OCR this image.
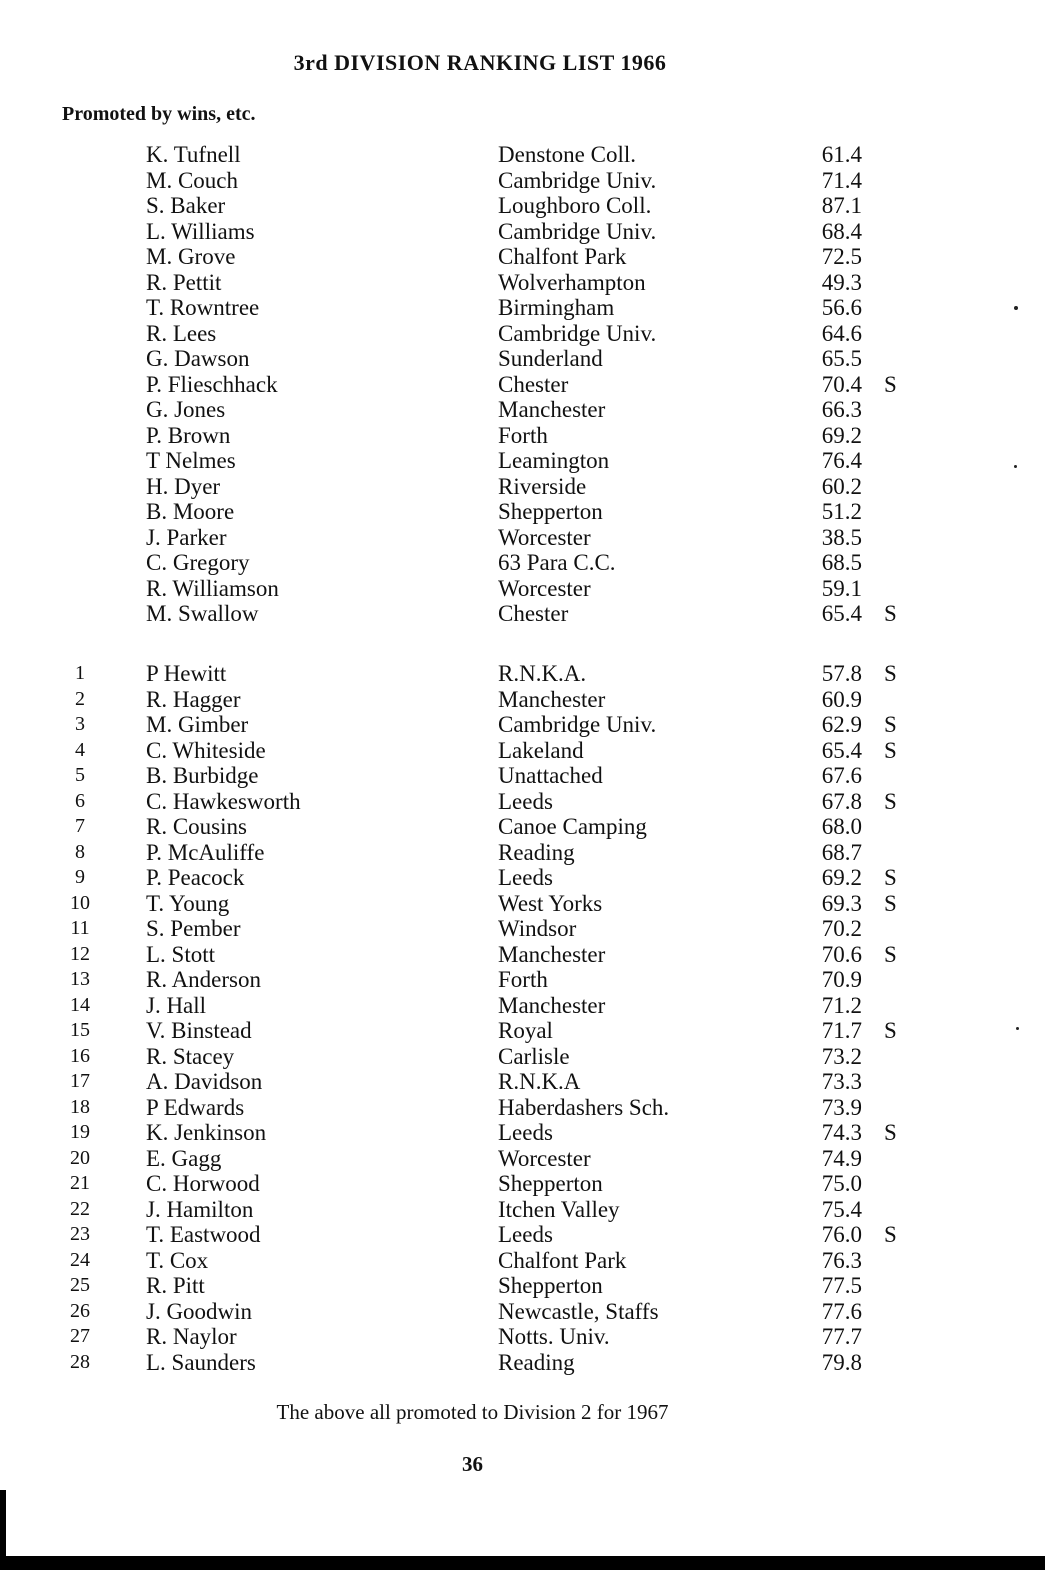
3rd DIVISION RANKING LIST 1966
Promoted by wins, etc.
K. Tufnell	Denstone Coll.	61.4
M. Couch	Cambridge Univ.	71.4
S. Baker	Loughboro Coll.	87.1
L. Williams	Cambridge Univ.	68.4
M. Grove	Chalfont Park	72.5
R. Pettit	Wolverhampton	49.3
T. Rowntree	Birmingham	56.6
R. Lees	Cambridge Univ.	64.6
G. Dawson	Sunderland	65.5
P. Flieschhack	Chester	70.4 S
G. Jones	Manchester	66.3
P. Brown	Forth	69.2
T Nelmes	Leamington	76.4
H. Dyer	Riverside	60.2
B. Moore	Shepperton	51.2
J. Parker	Worcester	38.5
C. Gregory	63 Para C.C.	68.5
R. Williamson	Worcester	59.1
M. Swallow	Chester	65.4 S
1	P Hewitt	R.N.K.A.	57.8 S
2	R. Hagger	Manchester	60.9
3	M. Gimber	Cambridge Univ.	62.9 S
4	C. Whiteside	Lakeland	65.4 S
5	B. Burbidge	Unattached	67.6
6	C. Hawkesworth	Leeds	67.8 S
7	R. Cousins	Canoe Camping	68.0
8	P. McAuliffe	Reading	68.7
9	P. Peacock	Leeds	69.2 S
10	T. Young	West Yorks	69.3 S
11	S. Pember	Windsor	70.2
12	L. Stott	Manchester	70.6 S
13	R. Anderson	Forth	70.9
14	J. Hall	Manchester	71.2
15	V. Binstead	Royal	71.7 S
16	R. Stacey	Carlisle	73.2
17	A. Davidson	R.N.K.A	73.3
18	P Edwards	Haberdashers Sch.	73.9
19	K. Jenkinson	Leeds	74.3 S
20	E. Gagg	Worcester	74.9
21	C. Horwood	Shepperton	75.0
22	J. Hamilton	Itchen Valley	75.4
23	T. Eastwood	Leeds	76.0 S
24	T. Cox	Chalfont Park	76.3
25	R. Pitt	Shepperton	77.5
26	J. Goodwin	Newcastle, Staffs	77.6
27	R. Naylor	Notts. Univ.	77.7
28	L. Saunders	Reading	79.8
The above all promoted to Division 2 for 1967
36
